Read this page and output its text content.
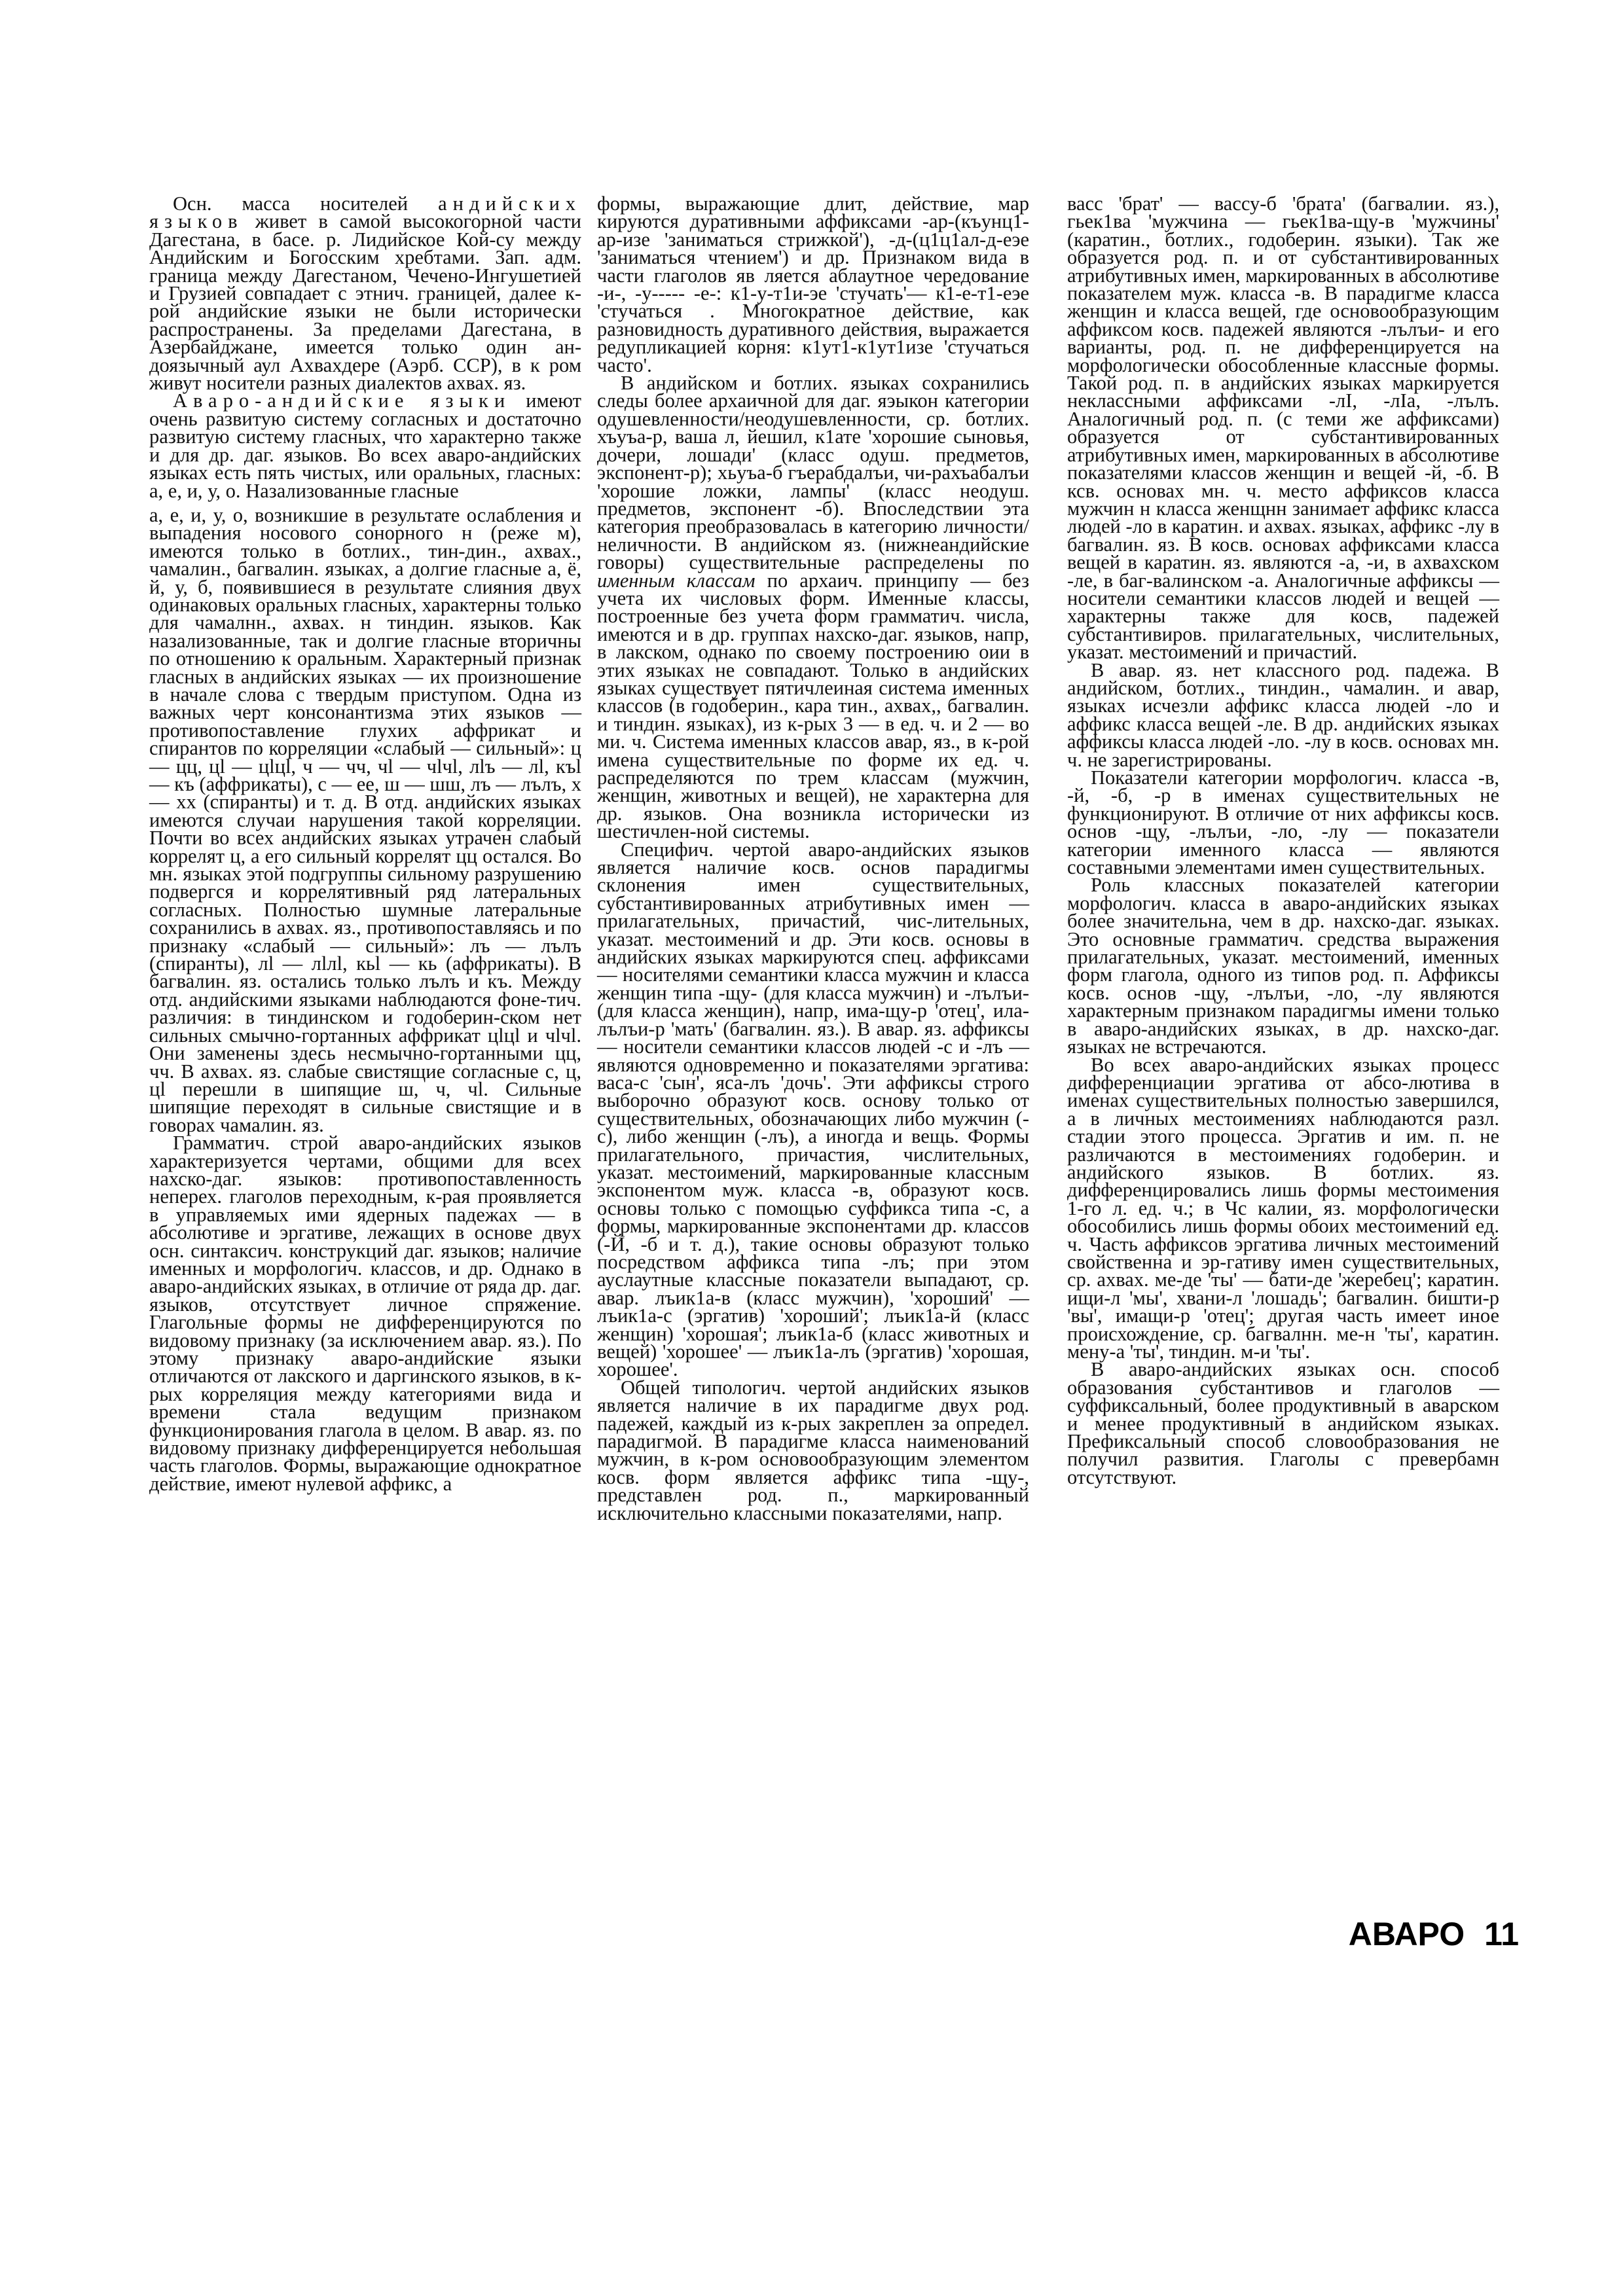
Осн. масса носителей андийских языков живет в самой высокогорной части Дагестана, в басе. р. Лидийское Кой-су между Андийским и Богосским хребтами. Зап. адм. граница между Дагестаном, Чечено-Ингушетией и Грузией совпадает с этнич. границей, далее к-рой андийские языки не были исторически распространены. За пределами Дагестана, в Азербайджане, имеется только один ан-доязычный аул Ахвахдере (Аэрб. ССР), в к ром живут носители разных диалектов ахвах. яз.

Аваро-андийские языки имеют очень развитую систему согласных и достаточно развитую систему гласных, что характерно также и для др. даг. языков. Во всех аваро-андийских языках есть пять чистых, или оральных, гласных: а, е, и, у, о. Назализованные гласные

а, е, и, у, о, возникшие в результате ослабления и выпадения носового сонорного н (реже м), имеются только в ботлих., тин-дин., ахвах., чамалин., багвалин. языках, а долгие гласные а, ё, й, у, б, появившиеся в результате слияния двух одинаковых оральных гласных, характерны только для чамалнн., ахвах. н тиндин. языков. Как назализованные, так и долгие гласные вторичны по отношению к оральным. Характерный признак гласных в андийских языках — их произношение в начале слова с твердым приступом. Одна из важных черт консонантизма этих языков — противопоставление глухих аффрикат и спирантов по корреляции «слабый — сильный»: ц — цц, цl — цlцl, ч — чч, чl — чlчl, лlъ — лl, къl — къ (аффрикаты), с — ее, ш — шш, лъ — лълъ, х — хх (спиранты) и т. д. В отд. андийских языках имеются случаи нарушения такой корреляции. Почти во всех андийских языках утрачен слабый коррелят ц, а его сильный коррелят цц остался. Во мн. языках этой подгруппы сильному разрушению подвергся и коррелятивный ряд латеральных согласных. Полностью шумные латеральные сохранились в ахвах. яз., противопоставляясь и по признаку «слабый — сильный»: лъ — лълъ (спиранты), лl — лlлl, кьl — кь (аффрикаты). В багвалин. яз. остались только лълъ и къ. Между отд. андийскими языками наблюдаются фоне-тич. различия: в тиндинском и годоберин-ском нет сильных смычно-гортанных аффрикат цlцl и чlчl. Они заменены здесь несмычно-гортанными цц, чч. В ахвах. яз. слабые свистящие согласные с, ц, цl перешли в шипящие ш, ч, чl. Сильные шипящие переходят в сильные свистящие и в говорах чамалин. яз.

Грамматич. строй аваро-андийских языков характеризуется чертами, общими для всех нахско-даг. языков: противопоставленность неперех. глаголов переходным, к-рая проявляется в управляемых ими ядерных падежах — в абсолютиве и эргативе, лежащих в основе двух осн. синтаксич. конструкций даг. языков; наличие именных и морфологич. классов, и др. Однако в аваро-андийских языках, в отличие от ряда др. даг. языков, отсутствует личное спряжение. Глагольные формы не дифференцируются по видовому признаку (за исключением авар. яз.). По этому признаку аваро-андийские языки отличаются от лакского и даргинского языков, в к-рых корреляция между категориями вида и времени стала ведущим признаком функционирования глагола в целом. В авар. яз. по видовому признаку дифференцируется небольшая часть глаголов. Формы, выражающие однократное действие, имеют нулевой аффикс, а

формы, выражающие длит, действие, мар кируются дуративными аффиксами -ар-(къунц1-ар-изе 'заниматься стрижкой'), -д-(ц1ц1ал-д-еэе 'заниматься чтением') и др. Признаком вида в части глаголов яв ляется аблаутное чередование -и-, -у----- -е-: к1-у-т1и-эе 'стучать'— к1-е-т1-еэе 'стучаться . Многократное действие, как разновидность дуративного действия, выражается редупликацией корня: к1ут1-к1ут1изе 'стучаться часто'.

В андийском и ботлих. языках сохранились следы более архаичной для даг. яэыкон категории одушевленности/неодушевленности, ср. ботлих. хъуъа-р, ваша л, йешил, к1ате 'хорошие сыновья, дочери, лошади' (класс одуш. предметов, экспонент-р); хьуъа-б гъерабдалъи, чи-рахъабалъи 'хорошие ложки, лампы' (класс неодуш. предметов, экспонент -б). Впоследствии эта категория преобразовалась в категорию личности/неличности. В андийском яз. (нижнеандийские говоры) существительные распределены по именным классам по архаич. принципу — без учета их числовых форм. Именные классы, построенные без учета форм грамматич. числа, имеются и в др. группах нахско-даг. языков, напр, в лакском, однако по своему построению оии в этих языках не совпадают. Только в андийских языках существует пятичлеиная система именных классов (в годоберин., кара тин., ахвах,, багвалин. и тиндин. языках), из к-рых 3 — в ед. ч. и 2 — во ми. ч. Система именных классов авар, яз., в к-рой имена существительные по форме их ед. ч. распределяются по трем классам (мужчин, женщин, животных и вещей), не характерна для др. языков. Она возникла исторически из шестичлен-ной системы.

Специфич. чертой аваро-андийских языков является наличие косв. основ парадигмы склонения имен существительных, субстантивированных атрибутивных имен — прилагательных, причастий, чис-лительных, указат. местоимений и др. Эти косв. основы в андийских языках маркируются спец. аффиксами — носителями семантики класса мужчин и класса женщин типа -щу- (для класса мужчин) и -лълъи- (для класса женщин), напр, има-щу-р 'отец', ила-лълъи-р 'мать' (багвалин. яз.). В авар. яз. аффиксы — носители семантики классов людей -с и -лъ — являются одновременно и показателями эргатива: васа-с 'сын', яса-лъ 'дочь'. Эти аффиксы строго выборочно образуют косв. основу только от существительных, обозначающих либо мужчин (-с), либо женщин (-лъ), а иногда и вещь. Формы прилагательного, причастия, числительных, указат. местоимений, маркированные классным экспонентом муж. класса -в, образуют косв. основы только с помощью суффикса типа -с, а формы, маркированные экспонентами др. классов (-Й, -б и т. д.), такие основы образуют только посредством аффикса типа -лъ; при этом ауслаутные классные показатели выпадают, ср. авар. лъик1а-в (класс мужчин), 'хороший' — лъик1а-с (эргатив) 'хороший'; лъик1а-й (класс женщин) 'хорошая'; лъик1а-б (класс животных и вещей) 'хорошее' — лъик1а-лъ (эргатив) 'хорошая, хорошее'.

Общей типологич. чертой андийских языков является наличие в их парадигме двух род. падежей, каждый из к-рых закреплен за определ. парадигмой. В парадигме класса наименований мужчин, в к-ром основообразующим элементом косв. форм является аффикс типа -щу-, представлен род. п., маркированный исключительно классными показателями, напр.

васс 'брат' — вассу-б 'брата' (багвалии. яз.), гьек1ва 'мужчина — гьек1ва-щу-в 'мужчины' (каратин., ботлих., годоберин. языки). Так же образуется род. п. и от субстантивированных атрибутивных имен, маркированных в абсолютиве показателем муж. класса -в. В парадигме класса женщин и класса вещей, где основообразующим аффиксом косв. падежей являются -лълъи- и его варианты, род. п. не дифференцируется на морфологически обособленные классные формы. Такой род. п. в андийских языках маркируется неклассными аффиксами -лI, -лIа, -лълъ. Аналогичный род. п. (с теми же аффиксами) образуется от субстантивированных атрибутивных имен, маркированных в абсолютиве показателями классов женщин и вещей -й, -б. В ксв. основах мн. ч. место аффиксов класса мужчин н класса женщнн занимает аффикс класса людей -ло в каратин. и ахвах. языках, аффикс -лу в багвалин. яз. В косв. основах аффиксами класса вещей в каратин. яз. являются -а, -и, в ахвахском -ле, в баг-валинском -а. Аналогичные аффиксы — носители семантики классов людей и вещей — характерны также для косв, падежей субстантивиров. прилагательных, числительных, указат. местоимений и причастий.

В авар. яз. нет классного род. падежа. В андийском, ботлих., тиндин., чамалин. и авар, языках исчезли аффикс класса людей -ло и аффикс класса вещей -ле. В др. андийских языках аффиксы класса людей -ло. -лу в косв. основах мн. ч. не зарегистрированы.

Показатели категории морфологич. класса -в, -й, -б, -р в именах существительных не функционируют. В отличие от них аффиксы косв. основ -щу, -лълъи, -ло, -лу — показатели категории именного класса — являются составными элементами имен существительных.

Роль классных показателей категории морфологич. класса в аваро-андийских языках более значительна, чем в др. нахско-даг. языках. Это основные грамматич. средства выражения прилагательных, указат. местоимений, именных форм глагола, одного из типов род. п. Аффиксы косв. основ -щу, -лълъи, -ло, -лу являются характерным признаком парадигмы имени только в аваро-андийских языках, в др. нахско-даг. языках не встречаются.

Во всех аваро-андийских языках процесс дифференциации эргатива от абсо-лютива в именах существительных полностью завершился, а в личных местоимениях наблюдаются разл. стадии этого процесса. Эргатив и им. п. не различаются в местоимениях годоберин. и андийского языков. В ботлих. яз. дифференцировались лишь формы местоимения 1-го л. ед. ч.; в Чс калии, яз. морфологически обособились лишь формы обоих местоимений ед. ч. Часть аффиксов эргатива личных местоимений свойственна и эр-гативу имен существительных, ср. ахвах. ме-де 'ты' — бати-де 'жеребец'; каратин. ищи-л 'мы', хвани-л 'лошадь'; багвалин. бишти-р 'вы', имащи-р 'отец'; другая часть имеет иное происхождение, ср. багвалнн. ме-н 'ты', каратин. мену-а 'ты', тиндин. м-и 'ты'.

В аваро-андийских языках осн. способ образования субстантивов и глаголов — суффиксальный, более продуктивный в аварском и менее продуктивный в андийском языках. Префиксальный способ словообразования не получил развития. Глаголы с превербамн отсутствуют.

АВАРО 11
